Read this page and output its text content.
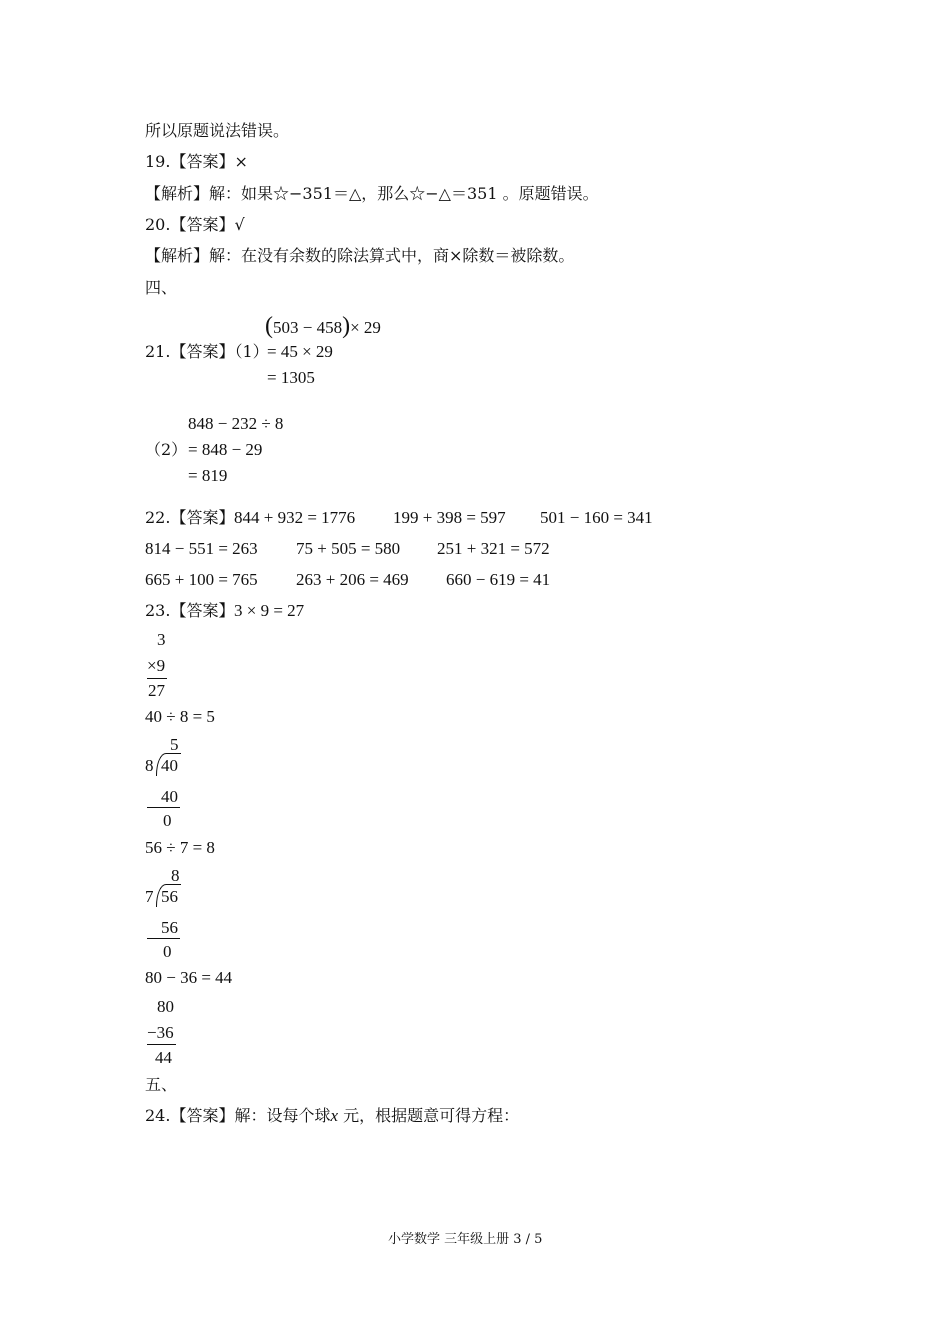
所以原题说法错误。
19.【答案】×
【解析】解：如果☆−351＝△，那么☆−△＝351 。原题错误。
20.【答案】√
【解析】解：在没有余数的除法算式中，商×除数＝被除数。
四、
(503 − 458)× 29
21.【答案】（1）
= 45 × 29
= 1305
848 − 232 ÷ 8
（2） = 848 − 29
= 819
22.【答案】 844 + 932 = 1776 199 + 398 = 597 501 − 160 = 341
814 − 551 = 263 75 + 505 = 580 251 + 321 = 572
665 + 100 = 765 263 + 206 = 469 660 − 619 = 41
23.【答案】 3 × 9 = 27
3
×9
27
40 ÷ 8 = 5
5
8 40
40
0
56 ÷ 7 = 8
8
7 56
56
0
80 − 36 = 44
80
−36
44
五、
24.【答案】解：设每个球x 元，根据题意可得方程：
小学数学 三年级上册 3 / 5
